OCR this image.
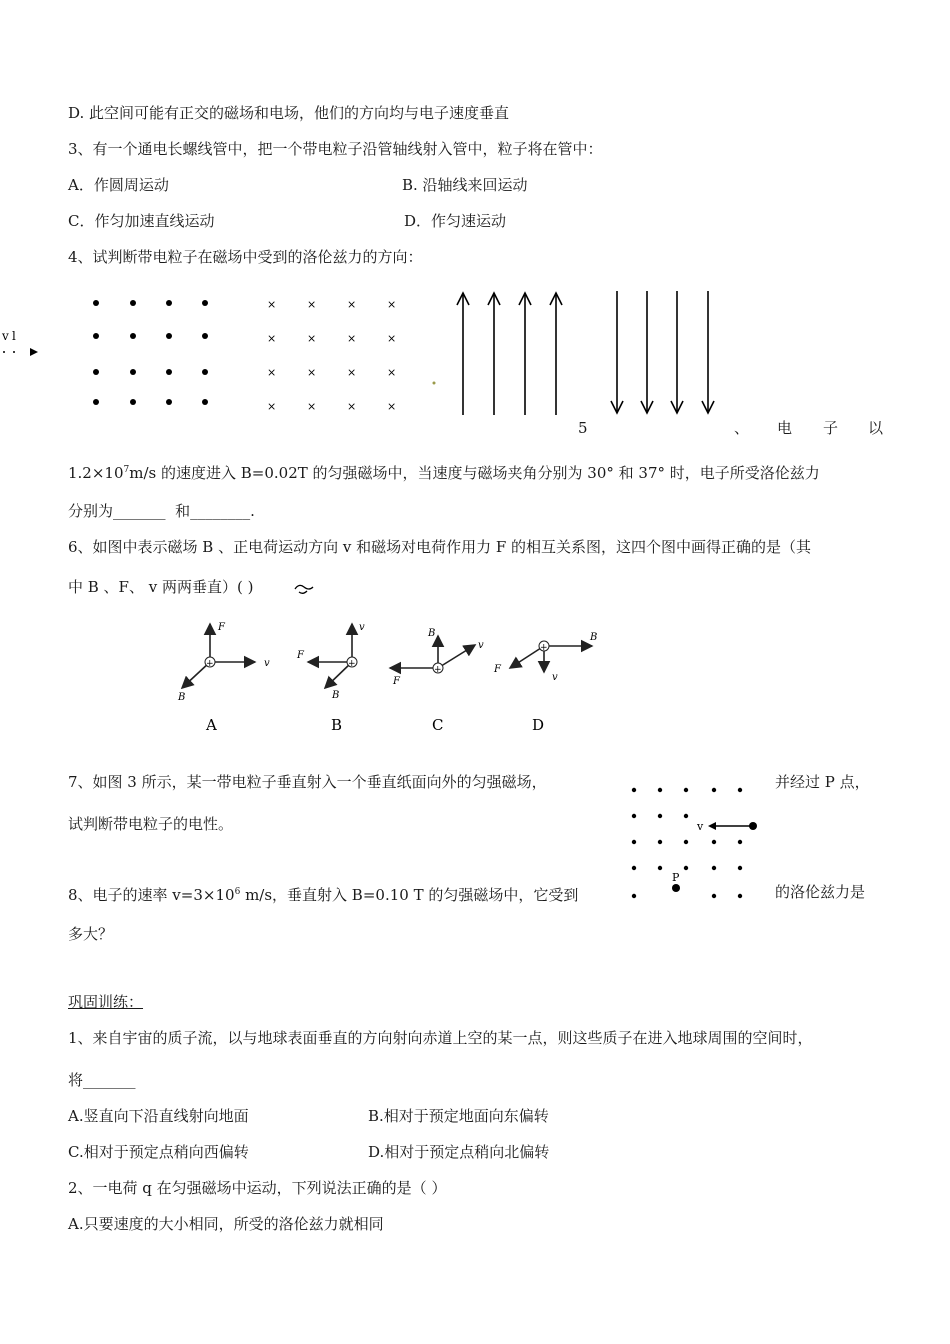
D. 此空间可能有正交的磁场和电场，他们的方向均与电子速度垂直
3、有一个通电长螺线管中，把一个带电粒子沿管轴线射入管中，粒子将在管中：
A．作圆周运动	B. 沿轴线来回运动
C．作匀加速直线运动	D．作匀速运动
4、试判断带电粒子在磁场中受到的洛伦兹力的方向：
v l
×
×
×
×
×
×
×
×
×
×
×
×
×
×
×
×
5	、 电 子 以
$1.2\times 10^7m/s$ 的速度进入 B=0.02T 的匀强磁场中，当速度与磁场夹角分别为 30° 和 37° 时，电子所受洛伦兹力
分别为_______ 和________.
6、如图中表示磁场 B 、正电荷运动方向 v 和磁场对电荷作用力 F 的相互关系图，这四个图中画得正确的是（其
中 B 、F、 v 两两垂直）( )
+
F
v
B
A
+
v
F
B
B
+
B
v
F
C
+
B
v
F
D
7、如图 3 所示，某一带电粒子垂直射入一个垂直纸面向外的匀强磁场，	并经过 P 点，
试判断带电粒子的电性。	v
P
8、电子的速率 $v=3\times 10^6$ m/s，垂直射入 B=0.10 T 的匀强磁场中，它受到	的洛伦兹力是
多大？
巩固训练：
1、来自宇宙的质子流，以与地球表面垂直的方向射向赤道上空的某一点，则这些质子在进入地球周围的空间时，
将_______
A.竖直向下沿直线射向地面	B.相对于预定地面向东偏转
C.相对于预定点稍向西偏转	D.相对于预定点稍向北偏转
2、一电荷 q 在匀强磁场中运动，下列说法正确的是（ ）
A.只要速度的大小相同，所受的洛伦兹力就相同
